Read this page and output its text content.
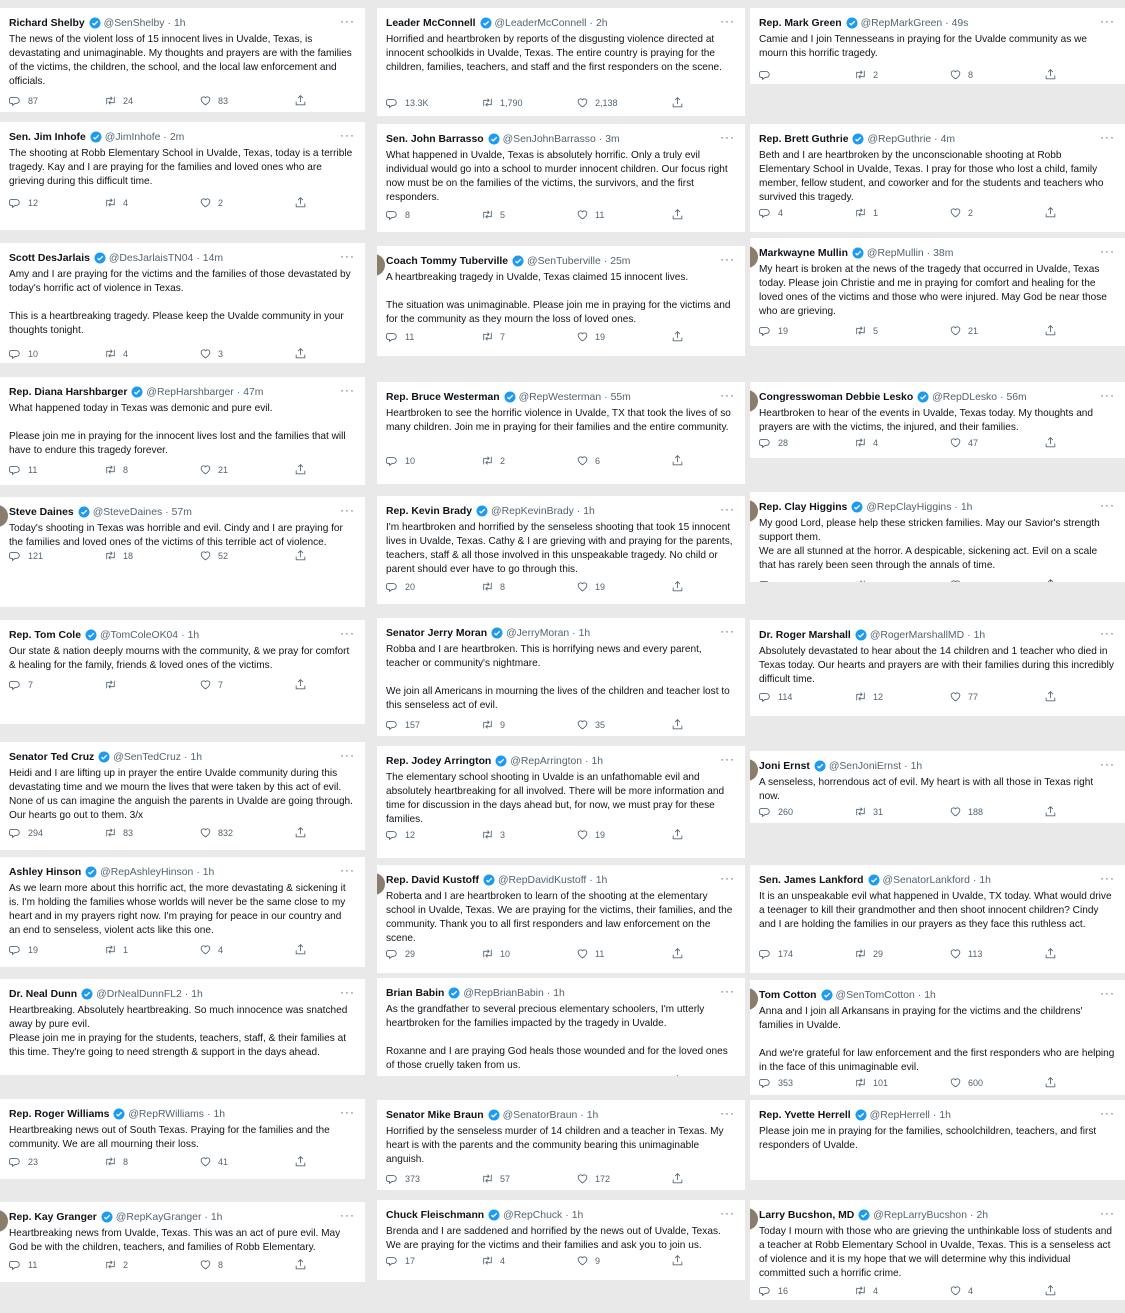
Richard Shelby @SenShelby · 1h	···
The news of the violent loss of 15 innocent lives in Uvalde, Texas, is devastating and unimaginable. My thoughts and prayers are with the families of the victims, the children, the school, and the local law enforcement and officials.
87	24	83
Leader McConnell @LeaderMcConnell · 2h	···
Horrified and heartbroken by reports of the disgusting violence directed at innocent schoolkids in Uvalde, Texas. The entire country is praying for the children, families, teachers, and staff and the first responders on the scene.
13.3K	1,790	2,138
Rep. Mark Green @RepMarkGreen · 49s	···
Camie and I join Tennesseans in praying for the Uvalde community as we mourn this horrific tragedy.
2	8
Sen. Jim Inhofe @JimInhofe · 2m	···
The shooting at Robb Elementary School in Uvalde, Texas, today is a terrible tragedy. Kay and I are praying for the families and loved ones who are grieving during this difficult time.
12	4	2
Sen. John Barrasso @SenJohnBarrasso · 3m	···
What happened in Uvalde, Texas is absolutely horrific. Only a truly evil individual would go into a school to murder innocent children. Our focus right now must be on the families of the victims, the survivors, and the first responders.
8	5	11
Rep. Brett Guthrie @RepGuthrie · 4m	···
Beth and I are heartbroken by the unconscionable shooting at Robb Elementary School in Uvalde, Texas. I pray for those who lost a child, family member, fellow student, and coworker and for the students and teachers who survived this tragedy.
4	1	2
Scott DesJarlais @DesJarlaisTN04 · 14m	···
Amy and I are praying for the victims and the families of those devastated by today's horrific act of violence in Texas.

This is a heartbreaking tragedy. Please keep the Uvalde community in your thoughts tonight.
10	4	3
Coach Tommy Tuberville @SenTuberville · 25m	···
A heartbreaking tragedy in Uvalde, Texas claimed 15 innocent lives.

The situation was unimaginable. Please join me in praying for the victims and for the community as they mourn the loss of loved ones.
11	7	19
Markwayne Mullin @RepMullin · 38m	···
My heart is broken at the news of the tragedy that occurred in Uvalde, Texas today. Please join Christie and me in praying for comfort and healing for the loved ones of the victims and those who were injured. May God be near those who are grieving.
19	5	21
Rep. Diana Harshbarger @RepHarshbarger · 47m	···
What happened today in Texas was demonic and pure evil.

Please join me in praying for the innocent lives lost and the families that will have to endure this tragedy forever.
11	8	21
Rep. Bruce Westerman @RepWesterman · 55m	···
Heartbroken to see the horrific violence in Uvalde, TX that took the lives of so many children. Join me in praying for their families and the entire community.
10	2	6
Congresswoman Debbie Lesko @RepDLesko · 56m	···
Heartbroken to hear of the events in Uvalde, Texas today. My thoughts and prayers are with the victims, the injured, and their families.
28	4	47
Steve Daines @SteveDaines · 57m	···
Today's shooting in Texas was horrible and evil. Cindy and I are praying for the families and loved ones of the victims of this terrible act of violence.
121	18	52
Rep. Kevin Brady @RepKevinBrady · 1h	···
I'm heartbroken and horrified by the senseless shooting that took 15 innocent lives in Uvalde, Texas. Cathy & I are grieving with and praying for the parents, teachers, staff & all those involved in this unspeakable tragedy. No child or parent should ever have to go through this.
20	8	19
Rep. Clay Higgins @RepClayHiggins · 1h	···
My good Lord, please help these stricken families. May our Savior's strength support them.
We are all stunned at the horror. A despicable, sickening act. Evil on a scale that has rarely been seen through the annals of time.
Rep. Tom Cole @TomColeOK04 · 1h	···
Our state & nation deeply mourns with the community, & we pray for comfort & healing for the family, friends & loved ones of the victims.
7	7
Senator Jerry Moran @JerryMoran · 1h	···
Robba and I are heartbroken. This is horrifying news and every parent, teacher or community's nightmare.

We join all Americans in mourning the lives of the children and teacher lost to this senseless act of evil.
157	9	35
Dr. Roger Marshall @RogerMarshallMD · 1h	···
Absolutely devastated to hear about the 14 children and 1 teacher who died in Texas today. Our hearts and prayers are with their families during this incredibly difficult time.
114	12	77
Senator Ted Cruz @SenTedCruz · 1h	···
Heidi and I are lifting up in prayer the entire Uvalde community during this devastating time and we mourn the lives that were taken by this act of evil. None of us can imagine the anguish the parents in Uvalde are going through. Our hearts go out to them. 3/x
294	83	832
Rep. Jodey Arrington @RepArrington · 1h	···
The elementary school shooting in Uvalde is an unfathomable evil and absolutely heartbreaking for all involved. There will be more information and time for discussion in the days ahead but, for now, we must pray for these families.
12	3	19
Joni Ernst @SenJoniErnst · 1h	···
A senseless, horrendous act of evil. My heart is with all those in Texas right now.
260	31	188
Ashley Hinson @RepAshleyHinson · 1h	···
As we learn more about this horrific act, the more devastating & sickening it is. I'm holding the families whose worlds will never be the same close to my heart and in my prayers right now. I'm praying for peace in our country and an end to senseless, violent acts like this one.
19	1	4
Rep. David Kustoff @RepDavidKustoff · 1h	···
Roberta and I are heartbroken to learn of the shooting at the elementary school in Uvalde, Texas. We are praying for the victims, their families, and the community. Thank you to all first responders and law enforcement on the scene.
29	10	11
Sen. James Lankford @SenatorLankford · 1h	···
It is an unspeakable evil what happened in Uvalde, TX today. What would drive a teenager to kill their grandmother and then shoot innocent children? Cindy and I are holding the families in our prayers as they face this ruthless act.
174	29	113
Dr. Neal Dunn @DrNealDunnFL2 · 1h	···
Heartbreaking. Absolutely heartbreaking. So much innocence was snatched away by pure evil.
Please join me in praying for the students, teachers, staff, & their families at this time. They're going to need strength & support in the days ahead.
Brian Babin @RepBrianBabin · 1h	···
As the grandfather to several precious elementary schoolers, I'm utterly heartbroken for the families impacted by the tragedy in Uvalde.

Roxanne and I are praying God heals those wounded and for the loved ones of those cruelly taken from us.
Tom Cotton @SenTomCotton · 1h	···
Anna and I join all Arkansans in praying for the victims and the childrens' families in Uvalde.

And we're grateful for law enforcement and the first responders who are helping in the face of this unimaginable evil.
353	101	600
Rep. Roger Williams @RepRWilliams · 1h	···
Heartbreaking news out of South Texas. Praying for the families and the community. We are all mourning their loss.
23	8	41
Senator Mike Braun @SenatorBraun · 1h	···
Horrified by the senseless murder of 14 children and a teacher in Texas. My heart is with the parents and the community bearing this unimaginable anguish.
373	57	172
Rep. Yvette Herrell @RepHerrell · 1h	···
Please join me in praying for the families, schoolchildren, teachers, and first responders of Uvalde.
Rep. Kay Granger @RepKayGranger · 1h	···
Heartbreaking news from Uvalde, Texas. This was an act of pure evil. May God be with the children, teachers, and families of Robb Elementary.
11	2	8
Chuck Fleischmann @RepChuck · 1h	···
Brenda and I are saddened and horrified by the news out of Uvalde, Texas. We are praying for the victims and their families and ask you to join us.
17	4	9
Larry Bucshon, MD @RepLarryBucshon · 2h	···
Today I mourn with those who are grieving the unthinkable loss of students and a teacher at Robb Elementary School in Uvalde, Texas. This is a senseless act of violence and it is my hope that we will determine why this individual committed such a horrific crime.
16	4	4
